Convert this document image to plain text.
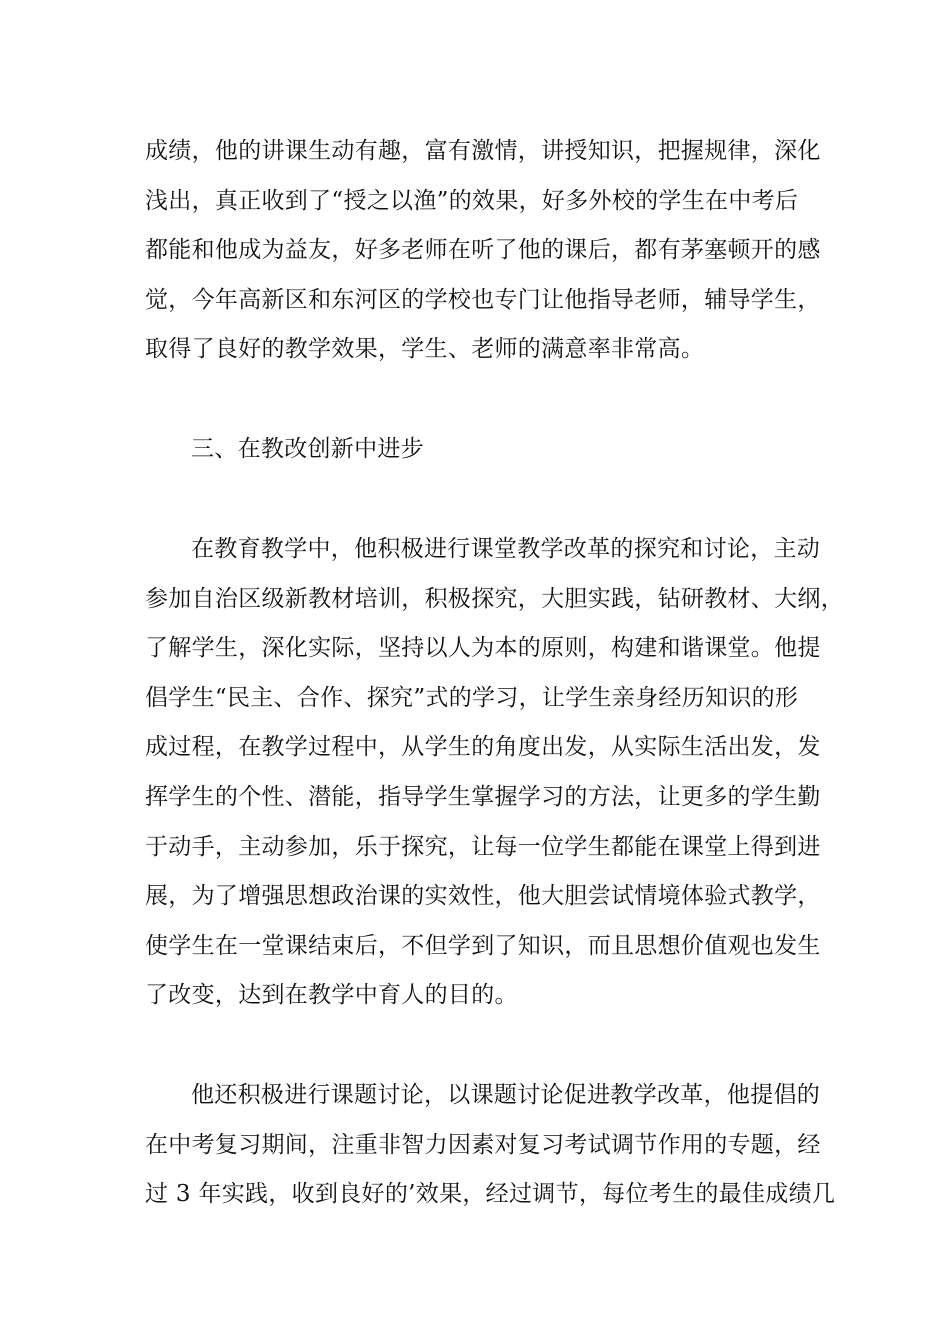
成绩，他的讲课生动有趣，富有激情，讲授知识，把握规律，深化
浅出，真正收到了“授之以渔”的效果，好多外校的学生在中考后
都能和他成为益友，好多老师在听了他的课后，都有茅塞顿开的感
觉，今年高新区和东河区的学校也专门让他指导老师，辅导学生，
取得了良好的教学效果，学生、老师的满意率非常高。
三、在教改创新中进步
在教育教学中，他积极进行课堂教学改革的探究和讨论，主动
参加自治区级新教材培训，积极探究，大胆实践，钻研教材、大纲，
了解学生，深化实际，坚持以人为本的原则，构建和谐课堂。他提
倡学生“民主、合作、探究”式的学习，让学生亲身经历知识的形
成过程，在教学过程中，从学生的角度出发，从实际生活出发，发
挥学生的个性、潜能，指导学生掌握学习的方法，让更多的学生勤
于动手，主动参加，乐于探究，让每一位学生都能在课堂上得到进
展，为了增强思想政治课的实效性，他大胆尝试情境体验式教学，
使学生在一堂课结束后，不但学到了知识，而且思想价值观也发生
了改变，达到在教学中育人的目的。
他还积极进行课题讨论，以课题讨论促进教学改革，他提倡的
在中考复习期间，注重非智力因素对复习考试调节作用的专题，经
过 3 年实践，收到良好的’效果，经过调节，每位考生的最佳成绩几
